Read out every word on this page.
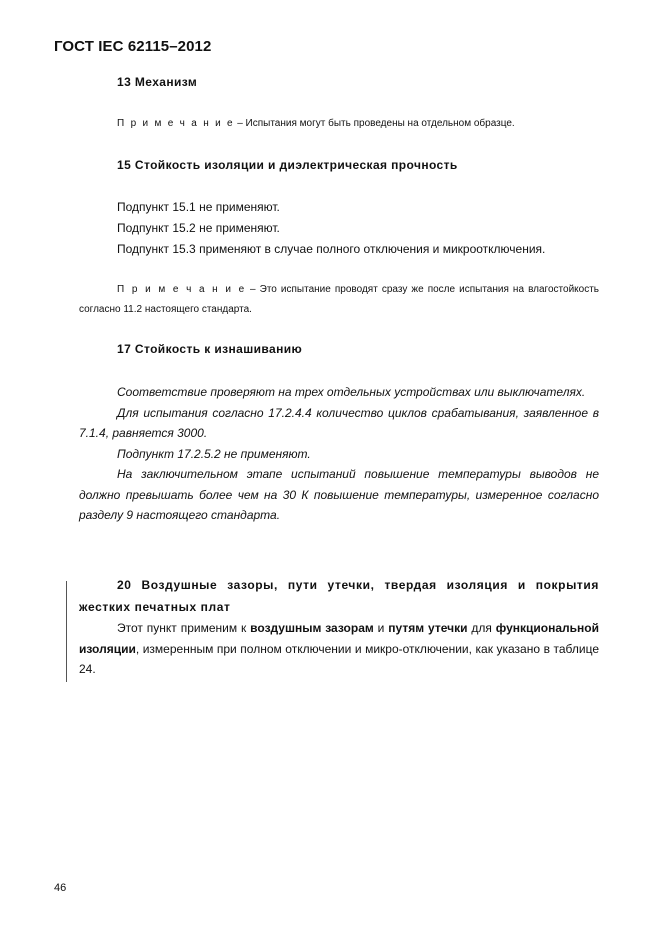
ГОСТ IEC 62115–2012
13 Механизм
П р и м е ч а н и е – Испытания могут быть проведены на отдельном образце.
15 Стойкость изоляции и диэлектрическая прочность
Подпункт 15.1 не применяют.
Подпункт 15.2 не применяют.
Подпункт 15.3 применяют в случае полного отключения и микроотключения.
П р и м е ч а н и е – Это испытание проводят сразу же после испытания на влагостойкость согласно 11.2 настоящего стандарта.
17 Стойкость к изнашиванию

Соответствие проверяют на трех отдельных устройствах или выключателях.

Для испытания согласно 17.2.4.4 количество циклов срабатывания, заявленное в 7.1.4, равняется 3000.

Подпункт 17.2.5.2 не применяют.

На заключительном этапе испытаний повышение температуры выводов не должно превышать более чем на 30 К повышение температуры, измеренное согласно разделу 9 настоящего стандарта.

20 Воздушные зазоры, пути утечки, твердая изоляция и покрытия жестких печатных плат
Этот пункт применим к воздушным зазорам и путям утечки для функциональной изоляции, измеренным при полном отключении и микро-отключении, как указано в таблице 24.
46
